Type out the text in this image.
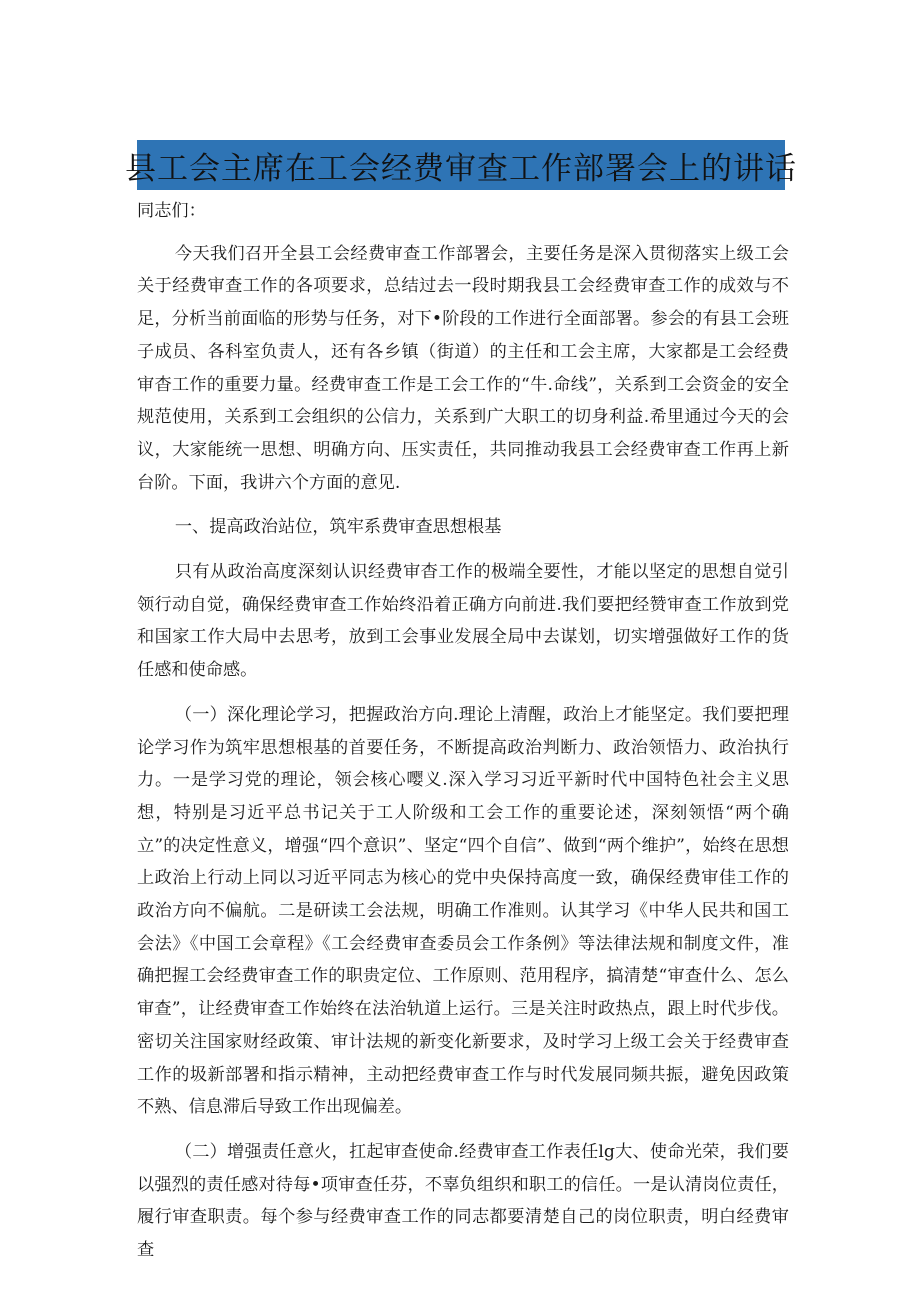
县工会主席在工会经费审查工作部署会上的讲话

同志们：

今天我们召开全县工会经费审查工作部署会，主要任务是深入贯彻落实上级工会关于经费审查工作的各项要求，总结过去一段时期我县工会经费审查工作的成效与不足，分析当前面临的形势与任务，对下•阶段的工作进行全面部署。参会的有县工会班子成员、各科室负责人，还有各乡镇（街道）的主任和工会主席，大家都是工会经费审杳工作的重要力量。经费审查工作是工会工作的“牛.命线”，关系到工会资金的安全规范使用，关系到工会组织的公信力，关系到广大职工的切身利益.希里通过今天的会议，大家能统一思想、明确方向、压实责任，共同推动我县工会经费审查工作再上新台阶。下面，我讲六个方面的意见.

一、提高政治站位，筑牢系费审查思想根基

只有从政治高度深刻认识经费审杳工作的极端全要性，才能以坚定的思想自觉引领行动自觉，确保经费审查工作始终沿着正确方向前进.我们要把经赞审查工作放到党和国家工作大局中去思考，放到工会事业发展全局中去谋划，切实增强做好工作的货任感和使命感。

（一）深化理论学习，把握政治方向.理论上清醒，政治上才能坚定。我们要把理论学习作为筑牢思想根基的首要任务，不断提高政治判断力、政治领悟力、政治执行力。一是学习党的理论，领会核心嘤义.深入学习习近平新时代中国特色社会主义思想，特别是习近平总书记关于工人阶级和工会工作的重要论述，深刻领悟“两个确立”的决定性意义，增强“四个意识”、坚定“四个自信”、做到“两个维护”，始终在思想上政治上行动上同以习近平同志为核心的党中央保持高度一致，确保经费审佳工作的政治方向不偏航。二是研读工会法规，明确工作准则。认其学习《中华人民共和国工会法》《中国工会章程》《工会经费审查委员会工作条例》等法律法规和制度文件，准确把握工会经费审查工作的职贵定位、工作原则、范用程序，搞清楚“审查什么、怎么审查”，让经费审查工作始终在法治轨道上运行。三是关注时政热点，跟上时代步伐。密切关注国家财经政策、审计法规的新变化新要求，及时学习上级工会关于经费审查工作的圾新部署和指示精神，主动把经费审查工作与时代发展同频共振，避免因政策不熟、信息滞后导致工作出现偏差。

（二）增强责任意火，扛起审查使命.经费审查工作表任lg大、使命光荣，我们要以强烈的责任感对待每•项审查任芬，不辜负组织和职工的信任。一是认清岗位责任，履行审查职责。每个参与经费审查工作的同志都要清楚自己的岗位职责，明白经费审查
